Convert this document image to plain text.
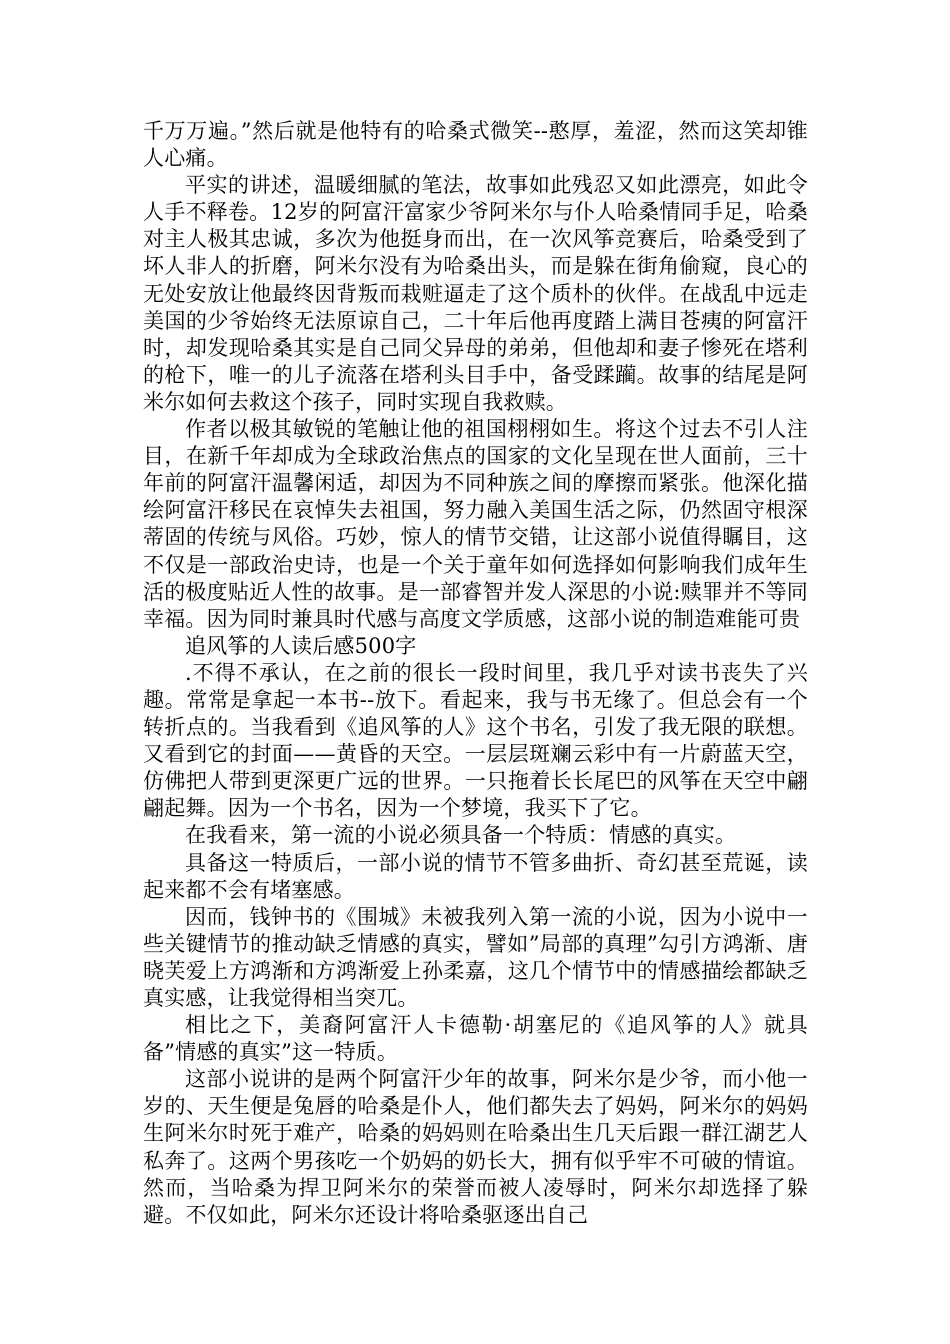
千万万遍。”然后就是他特有的哈桑式微笑--憨厚，羞涩，然而这笑却锥人心痛。

平实的讲述，温暖细腻的笔法，故事如此残忍又如此漂亮，如此令人手不释卷。12岁的阿富汗富家少爷阿米尔与仆人哈桑情同手足，哈桑对主人极其忠诚，多次为他挺身而出，在一次风筝竞赛后，哈桑受到了坏人非人的折磨，阿米尔没有为哈桑出头，而是躲在街角偷窥，良心的无处安放让他最终因背叛而栽赃逼走了这个质朴的伙伴。在战乱中远走美国的少爷始终无法原谅自己，二十年后他再度踏上满目苍痍的阿富汗时，却发现哈桑其实是自己同父异母的弟弟，但他却和妻子惨死在塔利的枪下，唯一的儿子流落在塔利头目手中，备受蹂躏。故事的结尾是阿米尔如何去救这个孩子，同时实现自我救赎。

作者以极其敏锐的笔触让他的祖国栩栩如生。将这个过去不引人注目，在新千年却成为全球政治焦点的国家的文化呈现在世人面前，三十年前的阿富汗温馨闲适，却因为不同种族之间的摩擦而紧张。他深化描绘阿富汗移民在哀悼失去祖国，努力融入美国生活之际，仍然固守根深蒂固的传统与风俗。巧妙，惊人的情节交错，让这部小说值得瞩目，这不仅是一部政治史诗，也是一个关于童年如何选择如何影响我们成年生活的极度贴近人性的故事。是一部睿智并发人深思的小说:赎罪并不等同幸福。因为同时兼具时代感与高度文学质感，这部小说的制造难能可贵

追风筝的人读后感500字

.不得不承认，在之前的很长一段时间里，我几乎对读书丧失了兴趣。常常是拿起一本书--放下。看起来，我与书无缘了。但总会有一个转折点的。当我看到《追风筝的人》这个书名，引发了我无限的联想。又看到它的封面——黄昏的天空。一层层斑斓云彩中有一片蔚蓝天空，仿佛把人带到更深更广远的世界。一只拖着长长尾巴的风筝在天空中翩翩起舞。因为一个书名，因为一个梦境，我买下了它。

在我看来，第一流的小说必须具备一个特质：情感的真实。

具备这一特质后，一部小说的情节不管多曲折、奇幻甚至荒诞，读起来都不会有堵塞感。

因而，钱钟书的《围城》未被我列入第一流的小说，因为小说中一些关键情节的推动缺乏情感的真实，譬如”局部的真理”勾引方鸿渐、唐晓芙爱上方鸿渐和方鸿渐爱上孙柔嘉，这几个情节中的情感描绘都缺乏真实感，让我觉得相当突兀。

相比之下，美裔阿富汗人卡德勒·胡塞尼的《追风筝的人》就具备”情感的真实”这一特质。

这部小说讲的是两个阿富汗少年的故事，阿米尔是少爷，而小他一岁的、天生便是兔唇的哈桑是仆人，他们都失去了妈妈，阿米尔的妈妈生阿米尔时死于难产，哈桑的妈妈则在哈桑出生几天后跟一群江湖艺人私奔了。这两个男孩吃一个奶妈的奶长大，拥有似乎牢不可破的情谊。然而，当哈桑为捍卫阿米尔的荣誉而被人凌辱时，阿米尔却选择了躲避。不仅如此，阿米尔还设计将哈桑驱逐出自己
